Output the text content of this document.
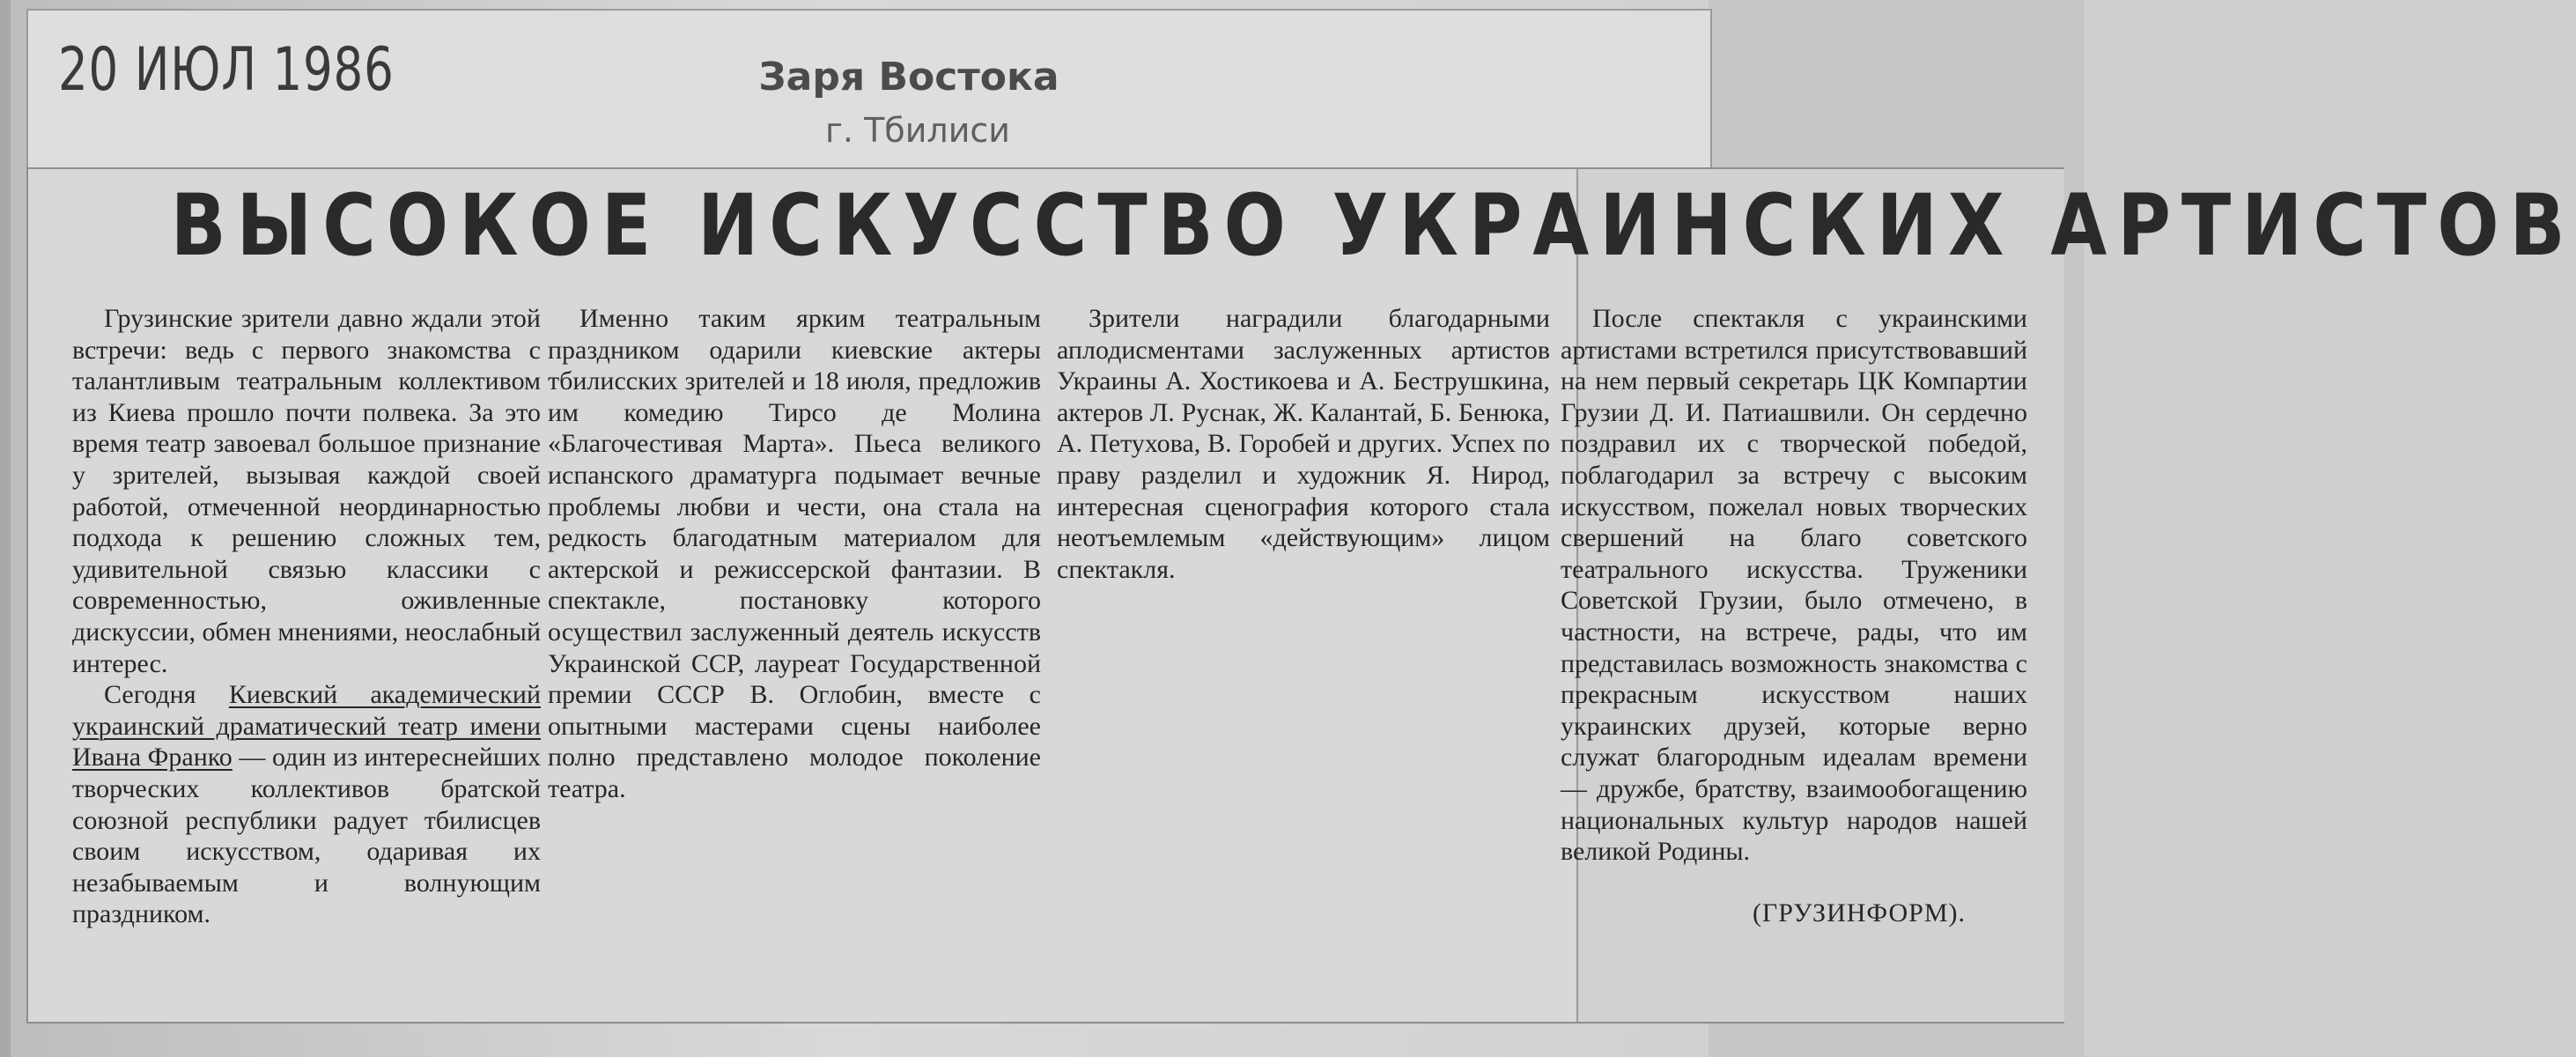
20 ИЮЛ 1986	Заря Востока
г. Тбилиси
ВЫСОКОЕ ИСКУССТВО УКРАИНСКИХ АРТИСТОВ

Грузинские зрители давно ждали этой встречи: ведь с первого знакомства с талантливым театральным коллективом из Киева прошло почти полвека. За это время театр завоевал большое признание у зрителей, вызывая каждой своей работой, отмеченной неординарностью подхода к решению сложных тем, удивительной связью классики с современностью, оживленные дискуссии, обмен мнениями, неослабный интерес.

Сегодня Киевский академический украинский драматический театр имени Ивана Франко — один из интереснейших творческих коллективов братской союзной республики радует тбилисцев своим искусством, одаривая их незабываемым и волнующим праздником.

Именно таким ярким театральным праздником одарили киевские актеры тбилисских зрителей и 18 июля, предложив им комедию Тирсо де Молина «Благочестивая Марта». Пьеса великого испанского драматурга подымает вечные проблемы любви и чести, она стала на редкость благодатным материалом для актерской и режиссерской фантазии. В спектакле, постановку которого осуществил заслуженный деятель искусств Украинской ССР, лауреат Государственной премии СССР В. Оглобин, вместе с опытными мастерами сцены наиболее полно представлено молодое поколение театра.

Зрители наградили благодарными аплодисментами заслуженных артистов Украины А. Хостикоева и А. Беструшкина, актеров Л. Руснак, Ж. Калантай, Б. Бенюка, А. Петухова, В. Горобей и других. Успех по праву разделил и художник Я. Нирод, интересная сценография которого стала неотъемлемым «действующим» лицом спектакля.

После спектакля с украинскими артистами встретился присутствовавший на нем первый секретарь ЦК Компартии Грузии Д. И. Патиашвили. Он сердечно поздравил их с творческой победой, поблагодарил за встречу с высоким искусством, пожелал новых творческих свершений на благо советского театрального искусства. Труженики Советской Грузии, было отмечено, в частности, на встрече, рады, что им представилась возможность знакомства с прекрасным искусством наших украинских друзей, которые верно служат благородным идеалам времени — дружбе, братству, взаимообогащению национальных культур народов нашей великой Родины.

(ГРУЗИНФОРМ).
